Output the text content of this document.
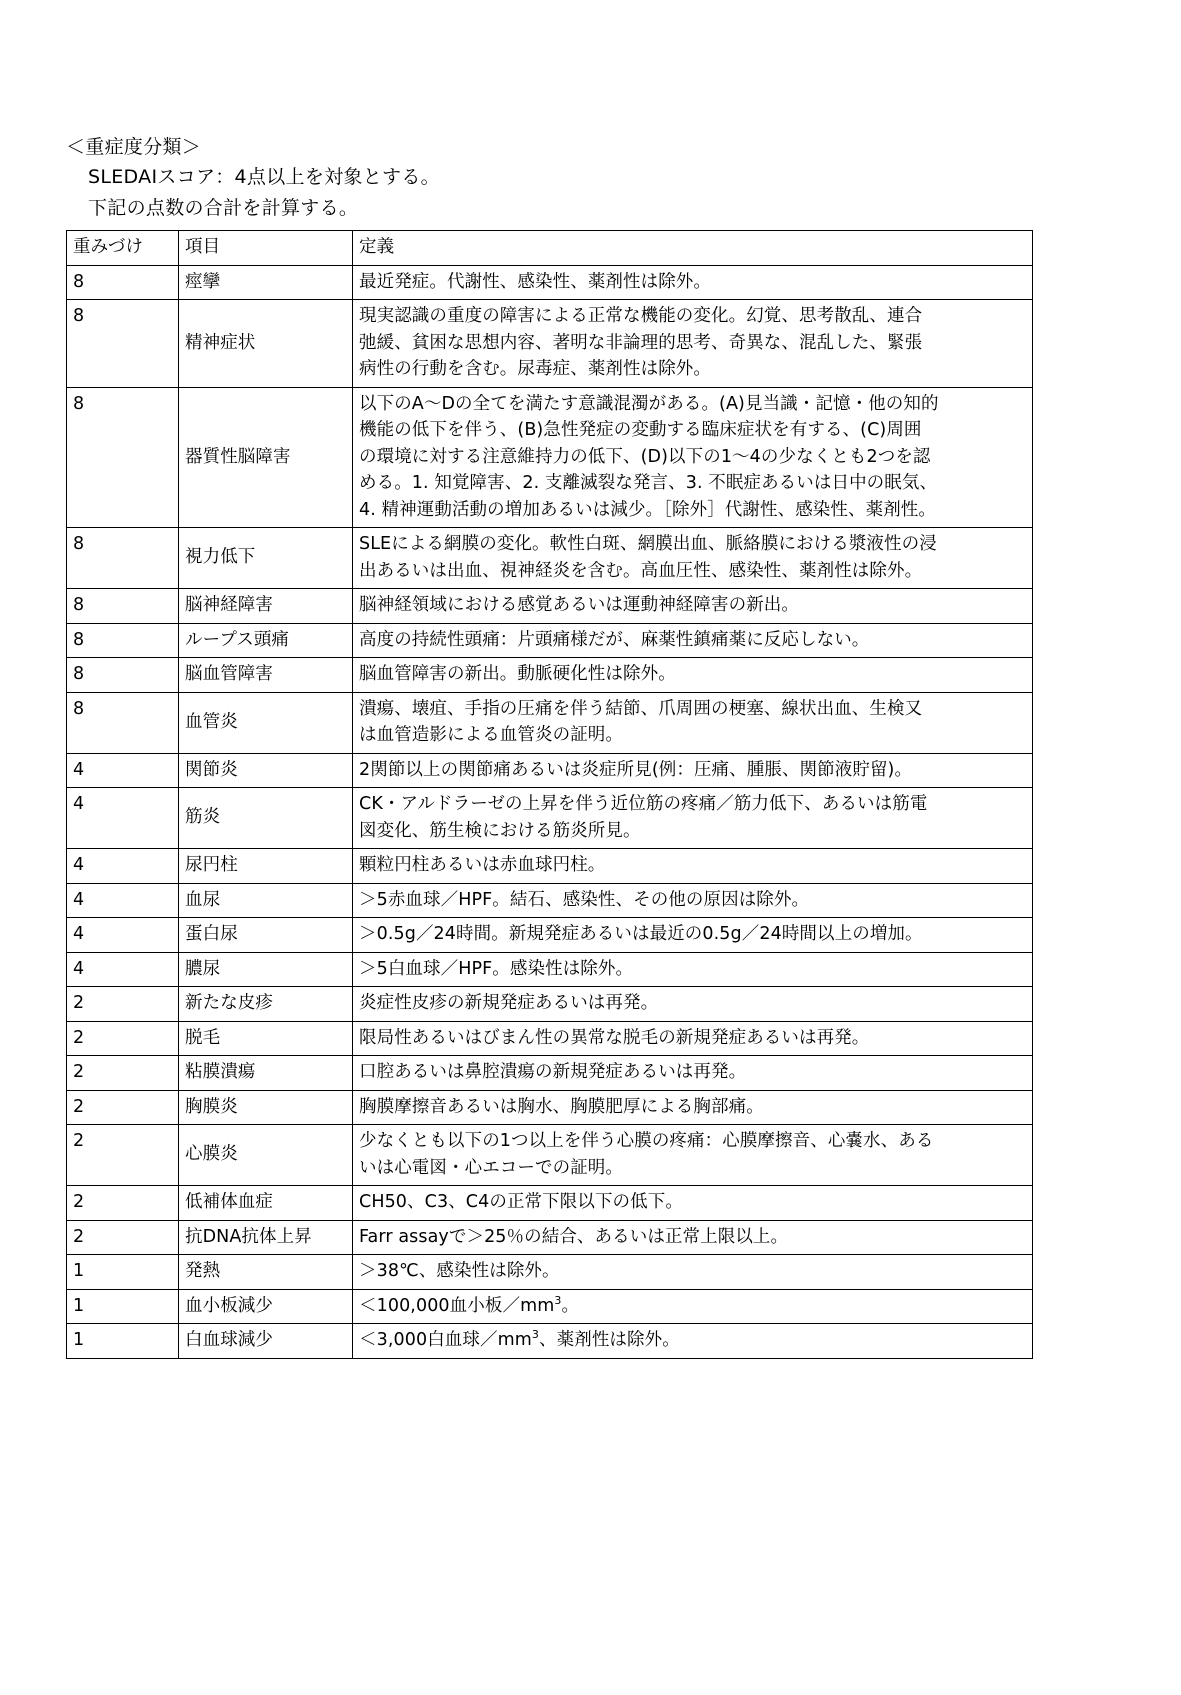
＜重症度分類＞
SLEDAIスコア：4点以上を対象とする。
下記の点数の合計を計算する。
重みづけ	項目	定義
8	痙攣	最近発症。代謝性、感染性、薬剤性は除外。

8	精神症状	現実認識の重度の障害による正常な機能の変化。幻覚、思考散乱、連合
弛緩、貧困な思想内容、著明な非論理的思考、奇異な、混乱した、緊張
病性の行動を含む。尿毒症、薬剤性は除外。

8	器質性脳障害	以下のA〜Dの全てを満たす意識混濁がある。(A)見当識・記憶・他の知的
機能の低下を伴う、(B)急性発症の変動する臨床症状を有する、(C)周囲
の環境に対する注意維持力の低下、(D)以下の1〜4の少なくとも2つを認
める。1. 知覚障害、2. 支離滅裂な発言、3. 不眠症あるいは日中の眠気、
4. 精神運動活動の増加あるいは減少。［除外］代謝性、感染性、薬剤性。

8	視力低下	SLEによる網膜の変化。軟性白斑、網膜出血、脈絡膜における漿液性の浸
出あるいは出血、視神経炎を含む。高血圧性、感染性、薬剤性は除外。

8	脳神経障害	脳神経領域における感覚あるいは運動神経障害の新出。

8	ループス頭痛	高度の持続性頭痛：片頭痛様だが、麻薬性鎮痛薬に反応しない。

8	脳血管障害	脳血管障害の新出。動脈硬化性は除外。

8	血管炎	潰瘍、壊疽、手指の圧痛を伴う結節、爪周囲の梗塞、線状出血、生検又
は血管造影による血管炎の証明。

4	関節炎	2関節以上の関節痛あるいは炎症所見(例：圧痛、腫脹、関節液貯留)。

4	筋炎	CK・アルドラーゼの上昇を伴う近位筋の疼痛／筋力低下、あるいは筋電
図変化、筋生検における筋炎所見。

4	尿円柱	顆粒円柱あるいは赤血球円柱。

4	血尿	＞5赤血球／HPF。結石、感染性、その他の原因は除外。

4	蛋白尿	＞0.5g／24時間。新規発症あるいは最近の0.5g／24時間以上の増加。

4	膿尿	＞5白血球／HPF。感染性は除外。

2	新たな皮疹	炎症性皮疹の新規発症あるいは再発。

2	脱毛	限局性あるいはびまん性の異常な脱毛の新規発症あるいは再発。

2	粘膜潰瘍	口腔あるいは鼻腔潰瘍の新規発症あるいは再発。

2	胸膜炎	胸膜摩擦音あるいは胸水、胸膜肥厚による胸部痛。

2	心膜炎	少なくとも以下の1つ以上を伴う心膜の疼痛：心膜摩擦音、心嚢水、ある
いは心電図・心エコーでの証明。

2	低補体血症	CH50、C3、C4の正常下限以下の低下。

2	抗DNA抗体上昇	Farr assayで＞25％の結合、あるいは正常上限以上。

1	発熱	＞38℃、感染性は除外。

1	血小板減少	＜100,000血小板$/mm^3$。
1	白血球減少	＜3,000白血球$/mm^3$、薬剤性は除外。
